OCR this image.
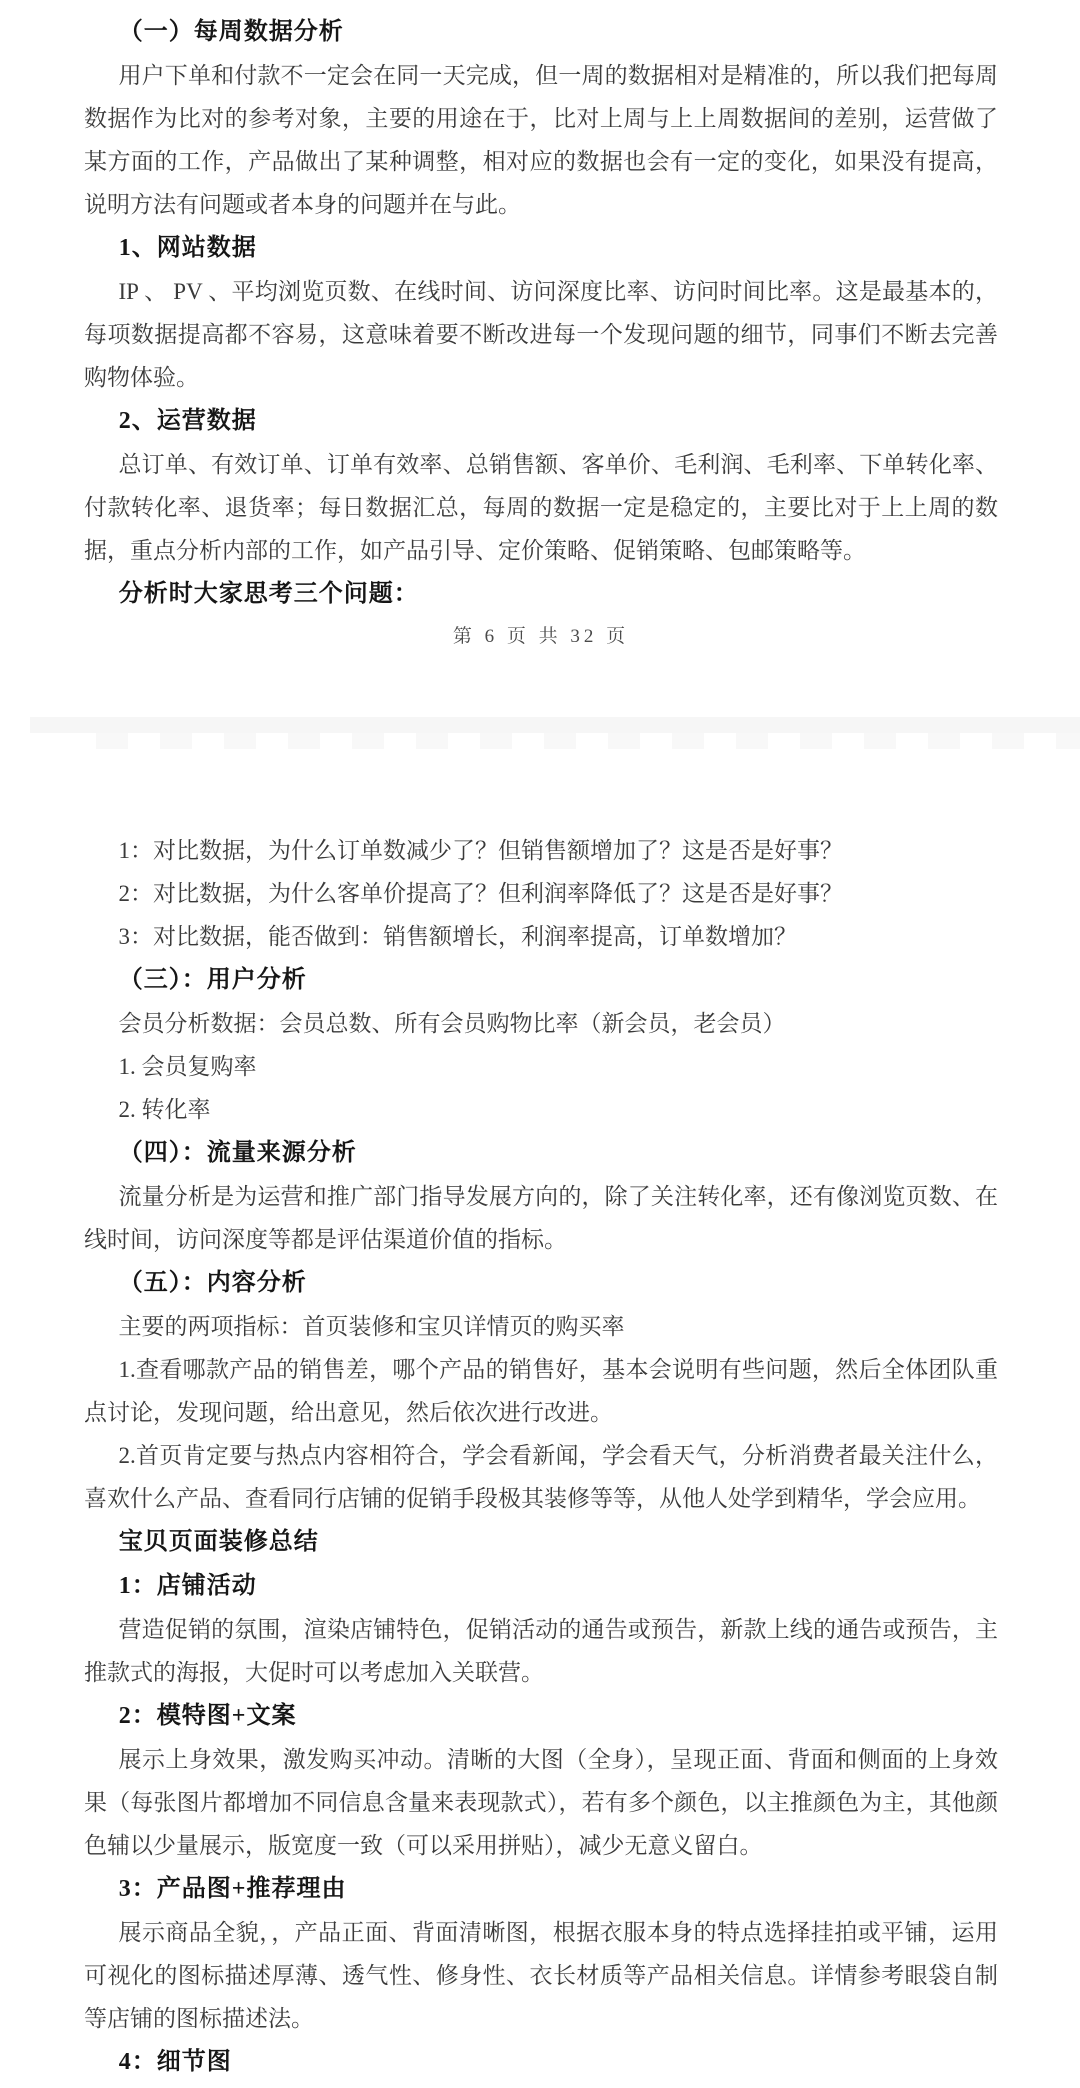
（一）每周数据分析

用户下单和付款不一定会在同一天完成，但一周的数据相对是精准的，所以我们把每周数据作为比对的参考对象，主要的用途在于，比对上周与上上周数据间的差别，运营做了某方面的工作，产品做出了某种调整，相对应的数据也会有一定的变化，如果没有提高，说明方法有问题或者本身的问题并在与此。

1、网站数据

IP 、 PV 、平均浏览页数、在线时间、访问深度比率、访问时间比率。这是最基本的，每项数据提高都不容易，这意味着要不断改进每一个发现问题的细节，同事们不断去完善购物体验。

2、运营数据

总订单、有效订单、订单有效率、总销售额、客单价、毛利润、毛利率、下单转化率、付款转化率、退货率；每日数据汇总，每周的数据一定是稳定的，主要比对于上上周的数据，重点分析内部的工作，如产品引导、定价策略、促销策略、包邮策略等。

分析时大家思考三个问题：
第 6 页 共 32 页

1：对比数据，为什么订单数减少了？但销售额增加了？这是否是好事？

2：对比数据，为什么客单价提高了？但利润率降低了？这是否是好事？

3：对比数据，能否做到：销售额增长，利润率提高，订单数增加？

（三）：用户分析

会员分析数据：会员总数、所有会员购物比率（新会员，老会员）

1. 会员复购率

2. 转化率

（四）：流量来源分析

流量分析是为运营和推广部门指导发展方向的，除了关注转化率，还有像浏览页数、在线时间，访问深度等都是评估渠道价值的指标。

（五）：内容分析

主要的两项指标：首页装修和宝贝详情页的购买率

1.查看哪款产品的销售差，哪个产品的销售好，基本会说明有些问题，然后全体团队重点讨论，发现问题，给出意见，然后依次进行改进。

2.首页肯定要与热点内容相符合，学会看新闻，学会看天气，分析消费者最关注什么，喜欢什么产品、查看同行店铺的促销手段极其装修等等，从他人处学到精华，学会应用。

宝贝页面装修总结
1：店铺活动

营造促销的氛围，渲染店铺特色，促销活动的通告或预告，新款上线的通告或预告，主推款式的海报，大促时可以考虑加入关联营。

2：模特图+文案

展示上身效果，激发购买冲动。清晰的大图（全身），呈现正面、背面和侧面的上身效果（每张图片都增加不同信息含量来表现款式），若有多个颜色，以主推颜色为主，其他颜色辅以少量展示，版宽度一致（可以采用拼贴），减少无意义留白。

3：产品图+推荐理由

展示商品全貌，，产品正面、背面清晰图，根据衣服本身的特点选择挂拍或平铺，运用可视化的图标描述厚薄、透气性、修身性、衣长材质等产品相关信息。详情参考眼袋自制等店铺的图标描述法。

4：细节图
